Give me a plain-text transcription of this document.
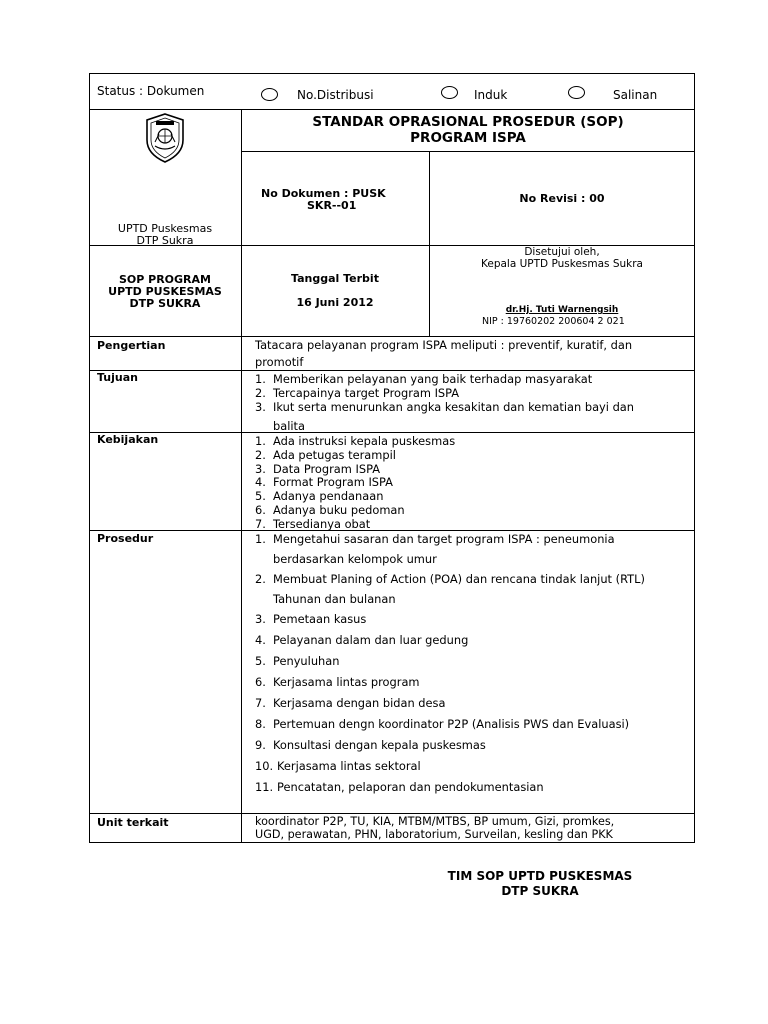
Status : Dokumen	No.Distribusi	Induk	Salinan
STANDAR OPRASIONAL PROSEDUR (SOP)
PROGRAM ISPA
UPTD Puskesmas
DTP Sukra
No Dokumen : PUSK
SKR--01
No Revisi : 00
SOP PROGRAM
UPTD PUSKESMAS
DTP SUKRA
Tanggal Terbit
16 Juni 2012
Disetujui oleh,
Kepala UPTD Puskesmas Sukra
dr.Hj. Tuti Warnengsih
NIP : 19760202 200604 2 021
Pengertian	Tatacara pelayanan program ISPA meliputi : preventif, kuratif, dan
promotif
Tujuan	1. Memberikan pelayanan yang baik terhadap masyarakat
2. Tercapainya target Program ISPA
3. Ikut serta menurunkan angka kesakitan dan kematian bayi dan
balita
Kebijakan	1. Ada instruksi kepala puskesmas
2. Ada petugas terampil
3. Data Program ISPA
4. Format Program ISPA
5. Adanya pendanaan
6. Adanya buku pedoman
7. Tersedianya obat
Prosedur	1. Mengetahui sasaran dan target program ISPA : peneumonia
berdasarkan kelompok umur
2. Membuat Planing of Action (POA) dan rencana tindak lanjut (RTL)
Tahunan dan bulanan
3. Pemetaan kasus
4. Pelayanan dalam dan luar gedung
5. Penyuluhan
6. Kerjasama lintas program
7. Kerjasama dengan bidan desa
8. Pertemuan dengn koordinator P2P (Analisis PWS dan Evaluasi)
9. Konsultasi dengan kepala puskesmas
10. Kerjasama lintas sektoral
11. Pencatatan, pelaporan dan pendokumentasian
Unit terkait	koordinator P2P, TU, KIA, MTBM/MTBS, BP umum, Gizi, promkes,
UGD, perawatan, PHN, laboratorium, Surveilan, kesling dan PKK
TIM SOP UPTD PUSKESMAS
DTP SUKRA
